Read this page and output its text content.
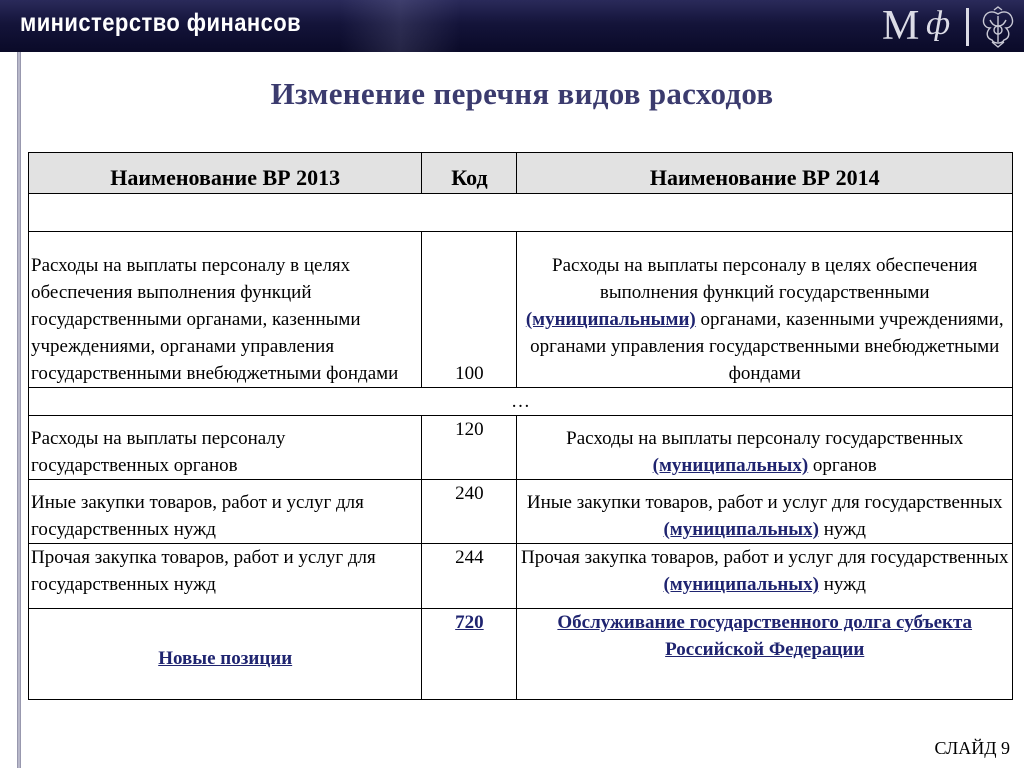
министерство финансов	М ф
Изменение перечня видов расходов
Наименование ВР 2013	Код	Наименование ВР 2014

Расходы на выплаты персоналу в целях обеспечения выполнения функций государственными органами, казенными учреждениями, органами управления государственными внебюджетными фондами	100	Расходы на выплаты персоналу в целях обеспечения выполнения функций государственными (муниципальными) органами, казенными учреждениями, органами управления государственными внебюджетными фондами
…		
Расходы на выплаты персоналу государственных органов	120	Расходы на выплаты персоналу государственных (муниципальных) органов
Иные закупки товаров, работ и услуг для государственных нужд	240	Иные закупки товаров, работ и услуг для государственных (муниципальных) нужд
Прочая закупка товаров, работ и услуг для государственных нужд	244	Прочая закупка товаров, работ и услуг для государственных (муниципальных) нужд
Новые позиции	720	Обслуживание государственного долга субъекта Российской Федерации
СЛАЙД 9
